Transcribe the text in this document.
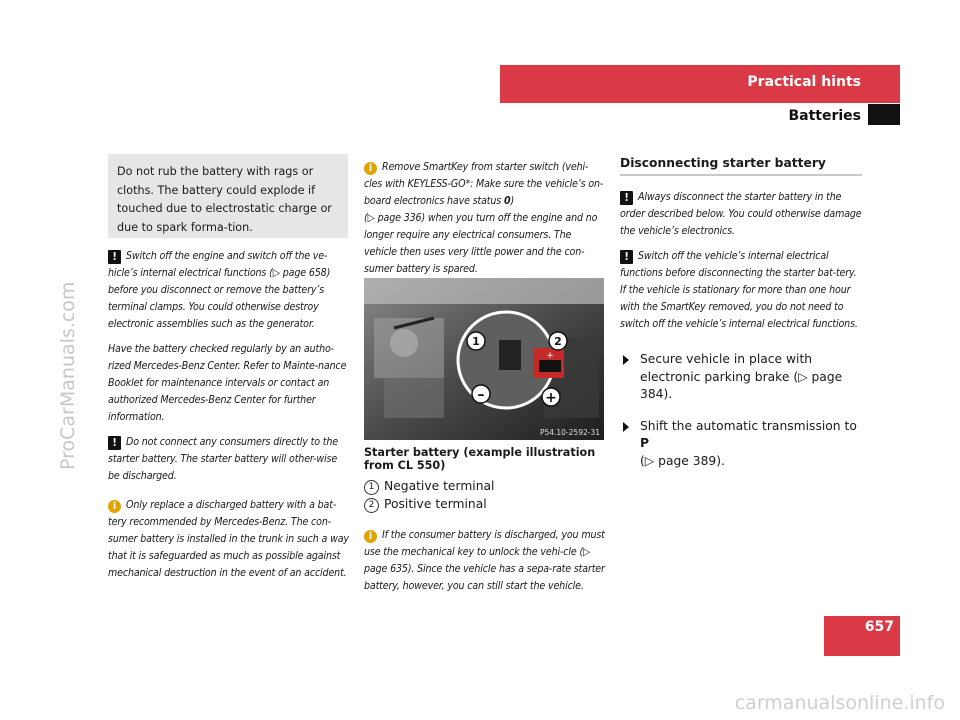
Practical hints
Batteries
ProCarManuals.com
carmanualsonline.info
Do not rub the battery with rags or cloths. The battery could explode if touched due to electrostatic charge or due to spark forma-tion.

! Switch off the engine and switch off the ve-hicle’s internal electrical functions (▷ page 658) before you disconnect or remove the battery’s terminal clamps. You could otherwise destroy electronic assemblies such as the generator.

Have the battery checked regularly by an autho-rized Mercedes-Benz Center. Refer to Mainte-nance Booklet for maintenance intervals or contact an authorized Mercedes-Benz Center for further information.

! Do not connect any consumers directly to the starter battery. The starter battery will other-wise be discharged.

i Only replace a discharged battery with a bat-tery recommended by Mercedes-Benz. The con-sumer battery is installed in the trunk in such a way that it is safeguarded as much as possible against mechanical destruction in the event of an accident.

i Remove SmartKey from starter switch (vehi-cles with KEYLESS-GO*: Make sure the vehicle’s on-board electronics have status 0)
(▷ page 336) when you turn off the engine and no longer require any electrical consumers. The vehicle then uses very little power and the con-sumer battery is spared.

+
1	2
–	+
P54.10-2592-31
Starter battery (example illustration from CL 550)
1 Negative terminal
2 Positive terminal

i If the consumer battery is discharged, you must use the mechanical key to unlock the vehi-cle (▷ page 635). Since the vehicle has a sepa-rate starter battery, however, you can still start the vehicle.

Disconnecting starter battery

! Always disconnect the starter battery in the order described below. You could otherwise damage the vehicle’s electronics.

! Switch off the vehicle’s internal electrical functions before disconnecting the starter bat-tery. If the vehicle is stationary for more than one hour with the SmartKey removed, you do not need to switch off the vehicle’s internal electrical functions.

Secure vehicle in place with electronic parking brake (▷ page 384).
Shift the automatic transmission to P
(▷ page 389).
657
